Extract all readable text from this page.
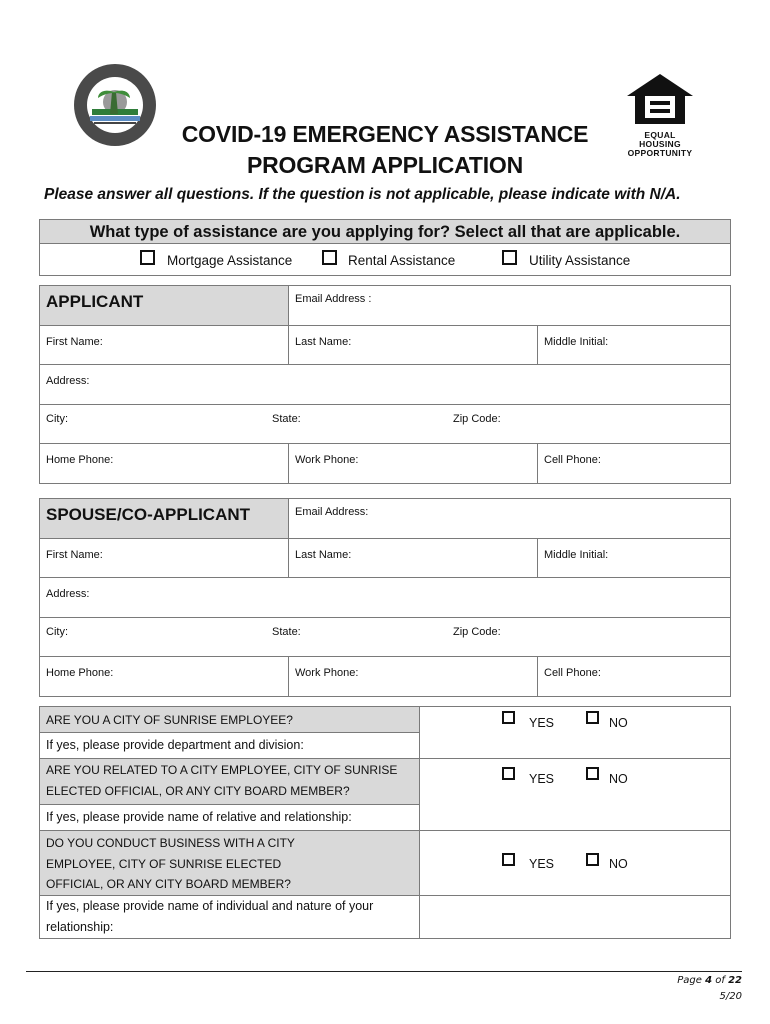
EQUAL HOUSING
OPPORTUNITY
COVID-19 EMERGENCY ASSISTANCE
PROGRAM APPLICATION
Please answer all questions. If the question is not applicable, please indicate with N/A.
What type of assistance are you applying for? Select all that are applicable.

Mortgage Assistance	Rental Assistance	Utility Assistance
APPLICANT	Email Address :	

First Name:	Last Name:	Middle Initial:

Address:		

City: State: Zip Code:		

Home Phone:	Work Phone:	Cell Phone:
SPOUSE/CO-APPLICANT	Email Address:	

First Name:	Last Name:	Middle Initial:

Address:		

City: State: Zip Code:		

Home Phone:	Work Phone:	Cell Phone:
ARE YOU A CITY OF SUNRISE EMPLOYEE?	YES NO

If yes, please provide department and division:	

ARE YOU RELATED TO A CITY EMPLOYEE, CITY OF SUNRISE
ELECTED OFFICIAL, OR ANY CITY BOARD MEMBER?	YES NO

If yes, please provide name of relative and relationship:	

DO YOU CONDUCT BUSINESS WITH A CITY
EMPLOYEE, CITY OF SUNRISE ELECTED
OFFICIAL, OR ANY CITY BOARD MEMBER?	YES NO

If yes, please provide name of individual and nature of your
relationship:	

Page 4 of 22
5/20
